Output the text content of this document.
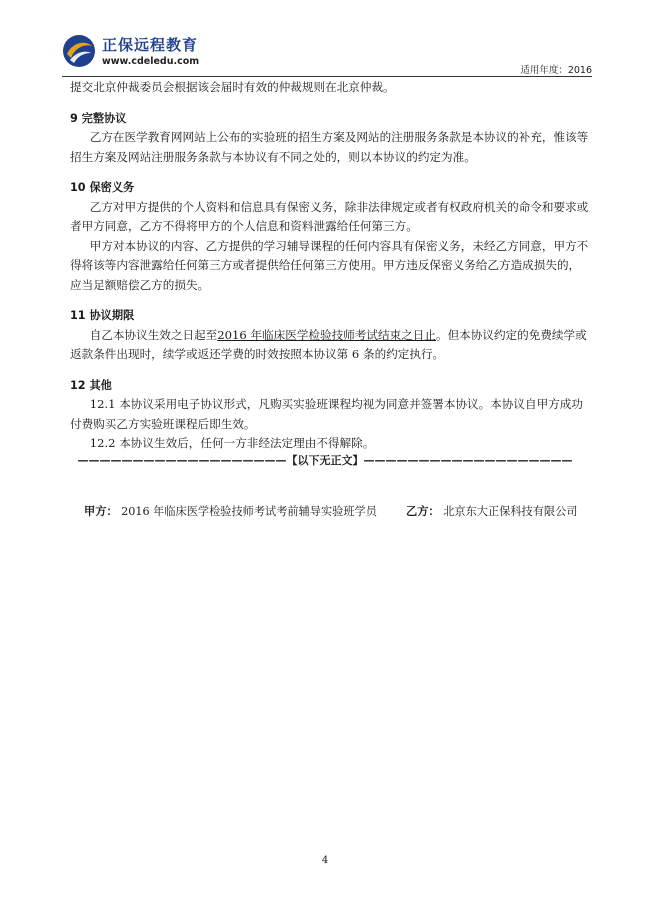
正保远程教育
www.cdeledu.com
适用年度：2016

提交北京仲裁委员会根据该会届时有效的仲裁规则在北京仲裁。

9 完整协议

乙方在医学教育网网站上公布的实验班的招生方案及网站的注册服务条款是本协议的补充，惟该等招生方案及网站注册服务条款与本协议有不同之处的，则以本协议的约定为准。

10 保密义务

乙方对甲方提供的个人资料和信息具有保密义务，除非法律规定或者有权政府机关的命令和要求或者甲方同意，乙方不得将甲方的个人信息和资料泄露给任何第三方。

甲方对本协议的内容、乙方提供的学习辅导课程的任何内容具有保密义务，未经乙方同意，甲方不得将该等内容泄露给任何第三方或者提供给任何第三方使用。甲方违反保密义务给乙方造成损失的，应当足额赔偿乙方的损失。

11 协议期限

自乙本协议生效之日起至2016 年临床医学检验技师考试结束之日止。但本协议约定的免费续学或返款条件出现时，续学或返还学费的时效按照本协议第 6 条的约定执行。

12 其他

12.1 本协议采用电子协议形式，凡购买实验班课程均视为同意并签署本协议。本协议自甲方成功付费购买乙方实验班课程后即生效。

12.2 本协议生效后，任何一方非经法定理由不得解除。

———————————————————【以下无正文】———————————————————
甲方： 2016 年临床医学检验技师考试考前辅导实验班学员	乙方： 北京东大正保科技有限公司
4
